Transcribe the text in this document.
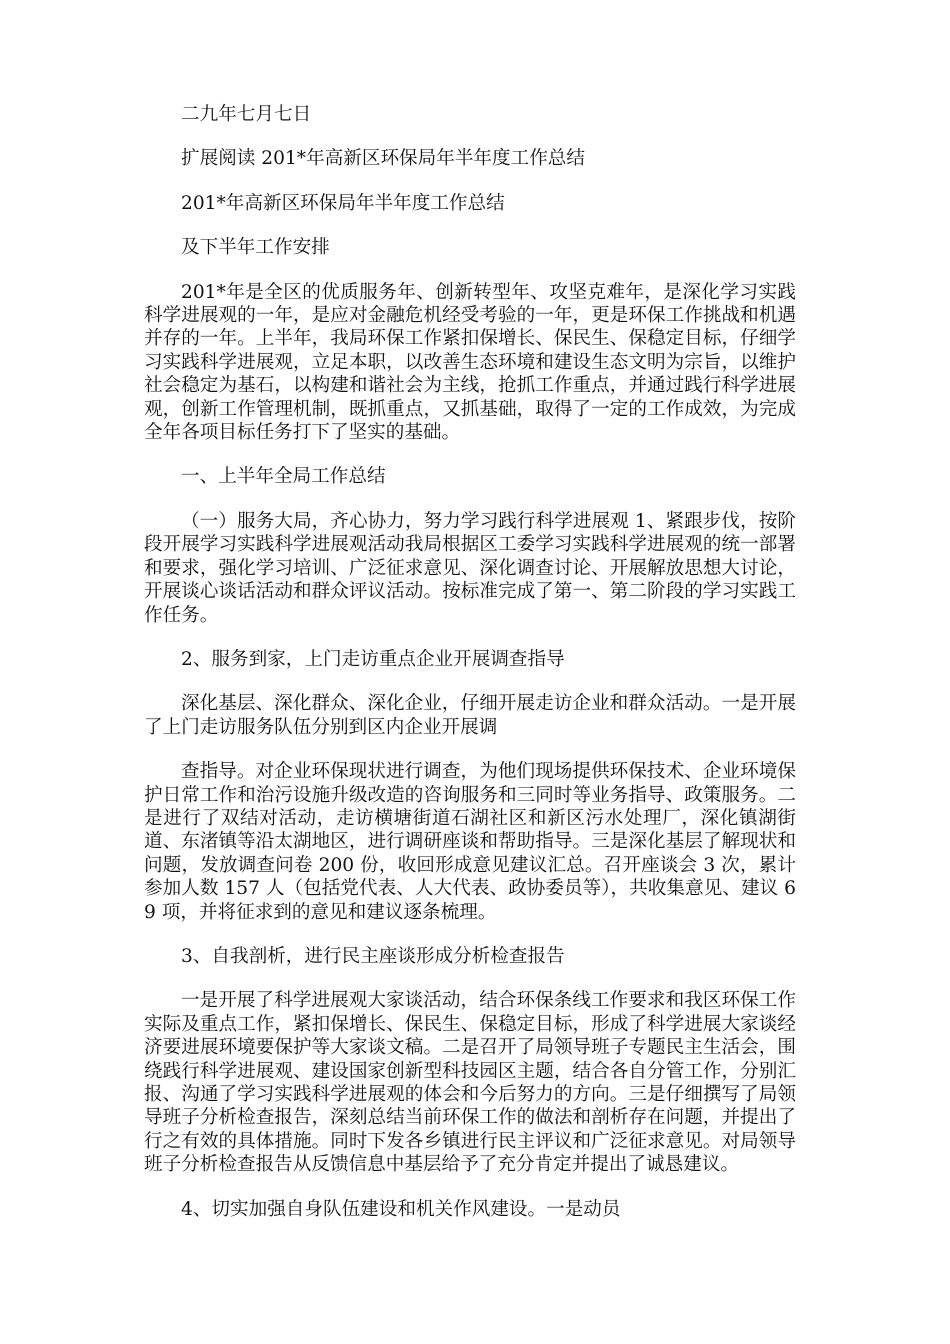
二九年七月七日

扩展阅读 201*年高新区环保局年半年度工作总结

201*年高新区环保局年半年度工作总结

及下半年工作安排

201*年是全区的优质服务年、创新转型年、攻坚克难年，是深化学习实践科学进展观的一年，是应对金融危机经受考验的一年，更是环保工作挑战和机遇并存的一年。上半年，我局环保工作紧扣保增长、保民生、保稳定目标，仔细学习实践科学进展观，立足本职，以改善生态环境和建设生态文明为宗旨，以维护社会稳定为基石，以构建和谐社会为主线，抢抓工作重点，并通过践行科学进展观，创新工作管理机制，既抓重点，又抓基础，取得了一定的工作成效，为完成全年各项目标任务打下了坚实的基础。

一、上半年全局工作总结

（一）服务大局，齐心协力，努力学习践行科学进展观 1、紧跟步伐，按阶段开展学习实践科学进展观活动我局根据区工委学习实践科学进展观的统一部署和要求，强化学习培训、广泛征求意见、深化调查讨论、开展解放思想大讨论，开展谈心谈话活动和群众评议活动。按标准完成了第一、第二阶段的学习实践工作任务。

2、服务到家，上门走访重点企业开展调查指导

深化基层、深化群众、深化企业，仔细开展走访企业和群众活动。一是开展了上门走访服务队伍分别到区内企业开展调

查指导。对企业环保现状进行调查，为他们现场提供环保技术、企业环境保护日常工作和治污设施升级改造的咨询服务和三同时等业务指导、政策服务。二是进行了双结对活动，走访横塘街道石湖社区和新区污水处理厂，深化镇湖街道、东渚镇等沿太湖地区，进行调研座谈和帮助指导。三是深化基层了解现状和问题，发放调查问卷 200 份，收回形成意见建议汇总。召开座谈会 3 次，累计参加人数 157 人（包括党代表、人大代表、政协委员等），共收集意见、建议 69 项，并将征求到的意见和建议逐条梳理。

3、自我剖析，进行民主座谈形成分析检查报告

一是开展了科学进展观大家谈活动，结合环保条线工作要求和我区环保工作实际及重点工作，紧扣保增长、保民生、保稳定目标，形成了科学进展大家谈经济要进展环境要保护等大家谈文稿。二是召开了局领导班子专题民主生活会，围绕践行科学进展观、建设国家创新型科技园区主题，结合各自分管工作，分别汇报、沟通了学习实践科学进展观的体会和今后努力的方向。三是仔细撰写了局领导班子分析检查报告，深刻总结当前环保工作的做法和剖析存在问题，并提出了行之有效的具体措施。同时下发各乡镇进行民主评议和广泛征求意见。对局领导班子分析检查报告从反馈信息中基层给予了充分肯定并提出了诚恳建议。

4、切实加强自身队伍建设和机关作风建设。一是动员
